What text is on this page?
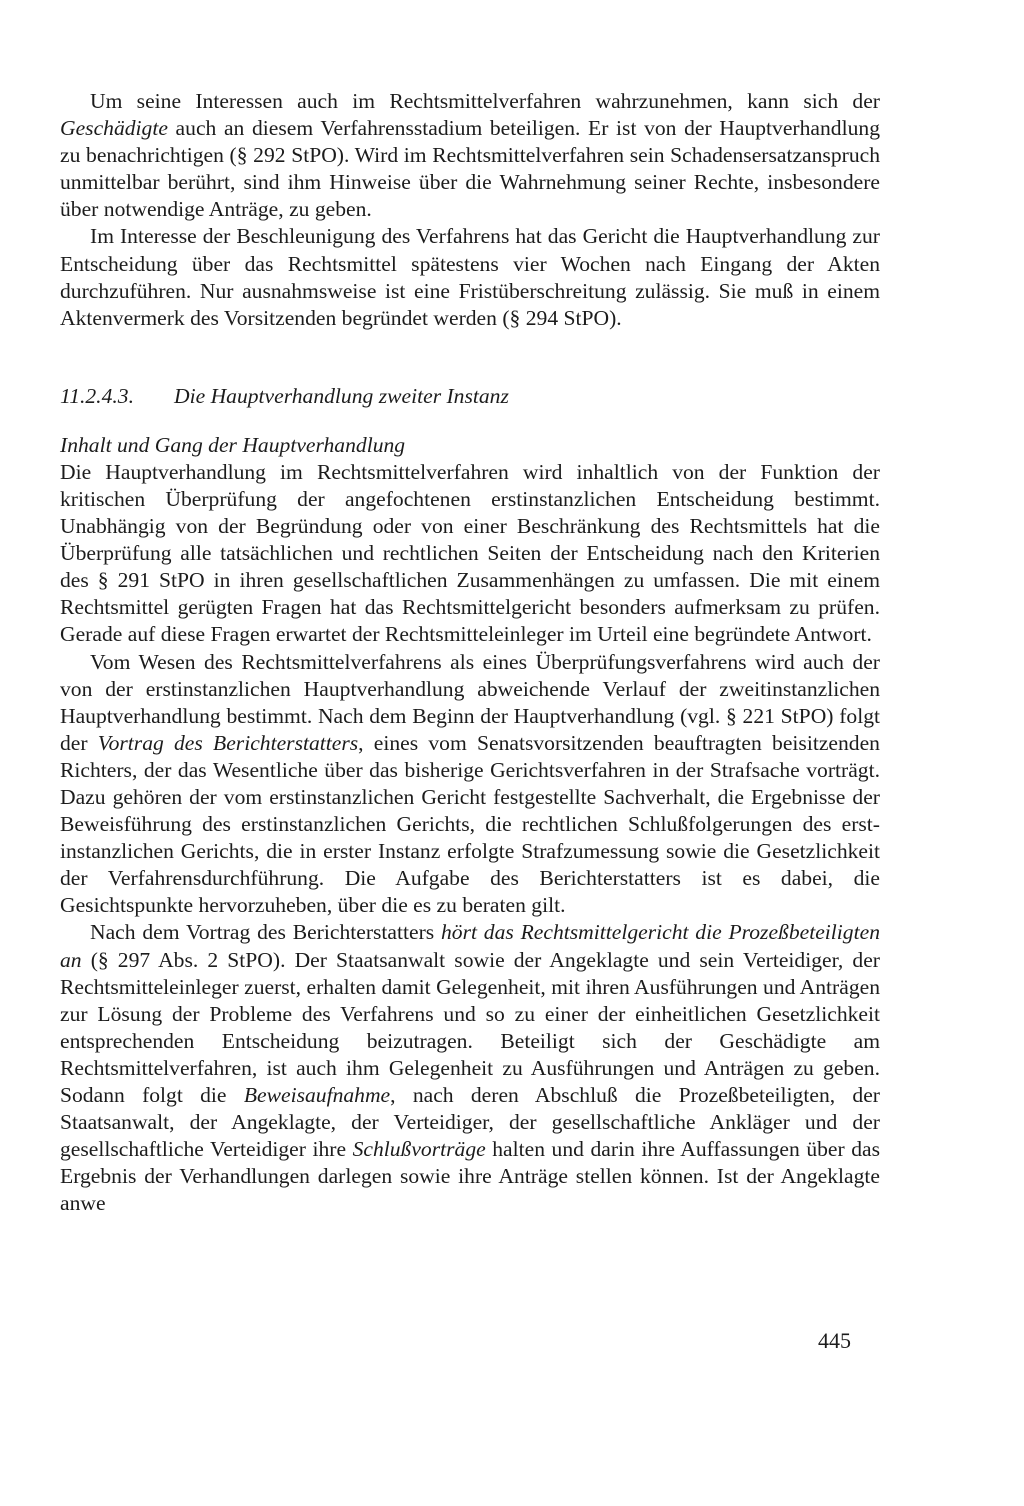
Um seine Interessen auch im Rechtsmittelverfahren wahrzunehmen, kann sich der Geschädigte auch an diesem Verfahrensstadium beteiligen. Er ist von der Hauptverhandlung zu benachrichtigen (§ 292 StPO). Wird im Rechtsmittelverfahren sein Schadensersatzanspruch unmittelbar berührt, sind ihm Hinweise über die Wahrnehmung seiner Rechte, insbesondere über notwendige Anträge, zu geben.

Im Interesse der Beschleunigung des Verfahrens hat das Gericht die Hauptverhandlung zur Entscheidung über das Rechtsmittel spätestens vier Wochen nach Eingang der Akten durchzuführen. Nur ausnahmsweise ist eine Fristüberschreitung zulässig. Sie muß in einem Aktenvermerk des Vorsitzenden begründet werden (§ 294 StPO).

11.2.4.3.	Die Hauptverhandlung zweiter Instanz
Inhalt und Gang der Hauptverhandlung

Die Hauptverhandlung im Rechtsmittelverfahren wird inhaltlich von der Funktion der kritischen Überprüfung der angefochtenen erstinstanzlichen Entscheidung bestimmt. Unabhängig von der Begründung oder von einer Beschränkung des Rechtsmittels hat die Überprüfung alle tatsächlichen und rechtlichen Seiten der Entscheidung nach den Kriterien des § 291 StPO in ihren gesellschaftlichen Zusammenhängen zu umfassen. Die mit einem Rechtsmittel gerügten Fragen hat das Rechtsmittelgericht besonders aufmerksam zu prüfen. Gerade auf diese Fragen erwartet der Rechtsmitteleinleger im Urteil eine begründete Antwort.

Vom Wesen des Rechtsmittelverfahrens als eines Überprüfungsverfahrens wird auch der von der erstinstanzlichen Hauptverhandlung abweichende Verlauf der zweitinstanzlichen Hauptverhandlung bestimmt. Nach dem Beginn der Hauptverhandlung (vgl. § 221 StPO) folgt der Vortrag des Berichterstatters, eines vom Senatsvorsitzenden beauftragten beisitzenden Richters, der das Wesentliche über das bisherige Gerichtsverfahren in der Strafsache vorträgt. Dazu gehören der vom erstinstanzlichen Gericht festgestellte Sachverhalt, die Ergebnisse der Beweisführung des erstinstanzlichen Gerichts, die rechtlichen Schlußfolgerungen des erstinstanzlichen Gerichts, die in erster Instanz erfolgte Strafzumessung sowie die Gesetzlichkeit der Verfahrensdurchführung. Die Aufgabe des Berichterstatters ist es dabei, die Gesichtspunkte hervorzuheben, über die es zu beraten gilt.

Nach dem Vortrag des Berichterstatters hört das Rechtsmittelgericht die Prozeßbeteiligten an (§ 297 Abs. 2 StPO). Der Staatsanwalt sowie der Angeklagte und sein Verteidiger, der Rechtsmitteleinleger zuerst, erhalten damit Gelegenheit, mit ihren Ausführungen und Anträgen zur Lösung der Probleme des Verfahrens und so zu einer der einheitlichen Gesetzlichkeit entsprechenden Entscheidung beizutragen. Beteiligt sich der Geschädigte am Rechtsmittelverfahren, ist auch ihm Gelegenheit zu Ausführungen und Anträgen zu geben. Sodann folgt die Beweisaufnahme, nach deren Abschluß die Prozeßbeteiligten, der Staatsanwalt, der Angeklagte, der Verteidiger, der gesellschaftliche Ankläger und der gesellschaftliche Verteidiger ihre Schlußvorträge halten und darin ihre Auffassungen über das Ergebnis der Verhandlungen darlegen sowie ihre Anträge stellen können. Ist der Angeklagte anwe

445
